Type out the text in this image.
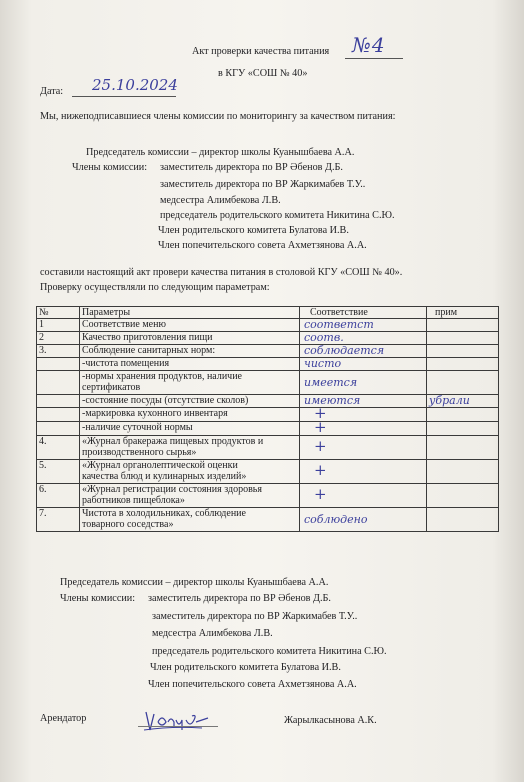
Акт проверки качества питания №4
в КГУ «СОШ № 40»
Дата: 25.10.2024
Мы, нижеподписавшиеся члены комиссии по мониторингу за качеством питания:
Председатель комиссии – директор школы Куанышбаева А.А.
Члены комиссии: заместитель директора по ВР Әбенов Д.Б.
заместитель директора по ВР Жаркимабев Т.У..
медсестра Алимбекова Л.В.
председатель родительского комитета Никитина С.Ю.
Член родительского комитета Булатова И.В.
Член попечительского совета Ахметзянова А.А.
составили настоящий акт провери качества питания в столовой КГУ «СОШ № 40».
Проверку осуществляли по следующим параметрам:
№	Параметры	Соответствие	прим
1	Соответствие меню	соответст	
2	Качество приготовления пищи	соотв.	
3.	Соблюдение санитарных норм:	соблюдается	

	-чистота помещения	чисто	

	-нормы хранения продуктов, наличие
сертификатов	имеется	

	-состояние посуды (отсутствие сколов)	имеются	убрали

	-маркировка кухонного инвентаря	+	

	-наличие суточной нормы	+	
4.	«Журнал бракеража пищевых продуктов и
производственного сырья»	+	
5.	«Журнал органолептической оценки
качества блюд и кулинарных изделий»	+	
6.	«Журнал регистрации состояния здоровья
работников пищеблока»	+	
7.	Чистота в холодильниках, соблюдение
товарного соседства»	соблюдено	
Председатель комиссии – директор школы Куанышбаева А.А.
Члены комиссии: заместитель директора по ВР Әбенов Д.Б.
заместитель директора по ВР Жаркимабев Т.У..
медсестра Алимбекова Л.В.
председатель родительского комитета Никитина С.Ю.
Член родительского комитета Булатова И.В.
Член попечительского совета Ахметзянова А.А.
Арендатор	Жарылкасынова А.К.
